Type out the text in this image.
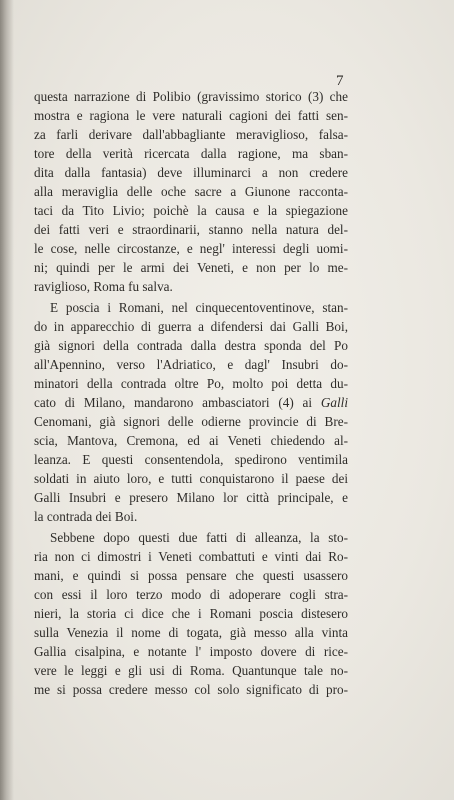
7
questa narrazione di Polibio (gravissimo storico (3) che
mostra e ragiona le vere naturali cagioni dei fatti sen-
za farli derivare dall'abbagliante meraviglioso, falsa-
tore della verità ricercata dalla ragione, ma sban-
dita dalla fantasia) deve illuminarci a non credere
alla meraviglia delle oche sacre a Giunone raccontа-
taci da Tito Livio; poichè la causa e la spiegazione
dei fatti veri e straordinarii, stanno nella natura del-
le cose, nelle circostanze, e negl' interessi degli uomi-
ni; quindi per le armi dei Veneti, e non per lo me-
raviglioso, Roma fu salva.
E poscia i Romani, nel cinquecentoventinove, stan-
do in apparecchio di guerra a difendersi dai Galli Boi,
già signori della contrada dalla destra sponda del Po
all'Apennino, verso l'Adriatico, e dagl' Insubri do-
minatori della contrada oltre Po, molto poi detta du-
cato di Milano, mandarono ambasciatori (4) ai Galli
Cenomani, già signori delle odierne provincie di Bre-
scia, Mantova, Cremona, ed ai Veneti chiedendo al-
leanza. E questi consentendola, spedirono ventimila
soldati in aiuto loro, e tutti conquistarono il paese dei
Galli Insubri e presero Milano lor città principale, e
la contrada dei Boi.
Sebbene dopo questi due fatti di alleanza, la sto-
ria non ci dimostri i Veneti combattuti e vinti dai Ro-
mani, e quindi si possa pensare che questi usassero
con essi il loro terzo modo di adoperare cogli stra-
nieri, la storia ci dice che i Romani poscia distesero
sulla Venezia il nome di togata, già messo alla vinta
Gallia cisalpina, e notante l' imposto dovere di rice-
vere le leggi e gli usi di Roma. Quantunque tale no-
me si possa credere messo col solo significato di pro-
